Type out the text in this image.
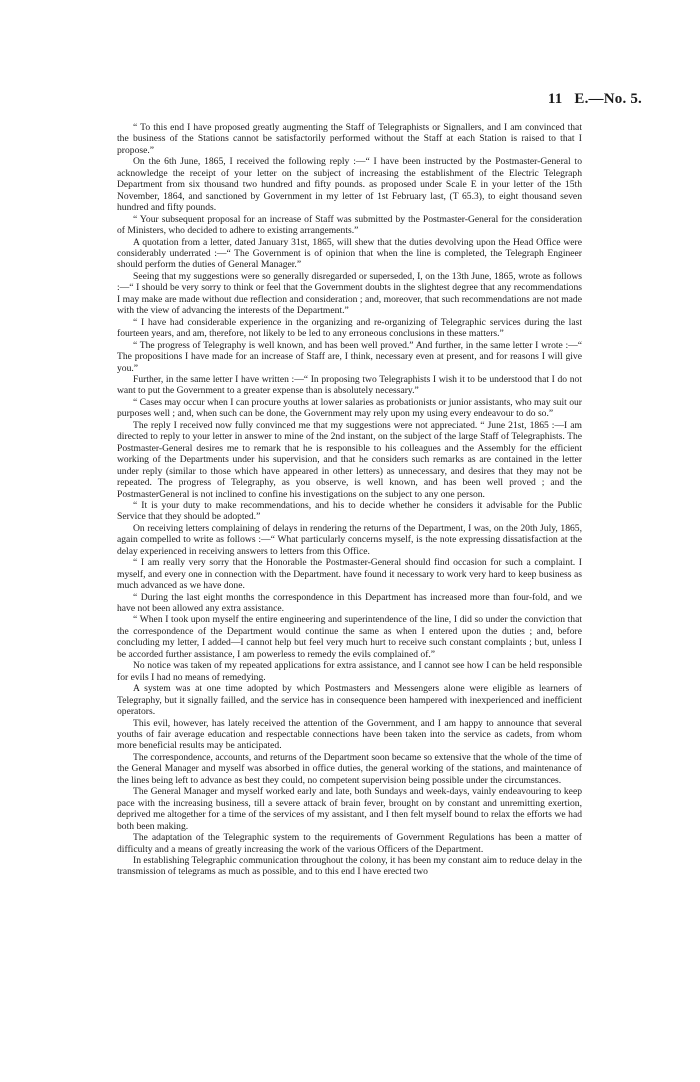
11 E.—No. 5.

“ To this end I have proposed greatly augmenting the Staff of Telegraphists or Signallers, and I am convinced that the business of the Stations cannot be satisfactorily performed without the Staff at each Station is raised to that I propose.”

On the 6th June, 1865, I received the following reply :—“ I have been instructed by the Postmaster-General to acknowledge the receipt of your letter on the subject of increasing the establishment of the Electric Telegraph Department from six thousand two hundred and fifty pounds. as proposed under Scale E in your letter of the 15th November, 1864, and sanctioned by Government in my letter of 1st February last, (T 65.3), to eight thousand seven hundred and fifty pounds.

“ Your subsequent proposal for an increase of Staff was submitted by the Postmaster-General for the consideration of Ministers, who decided to adhere to existing arrangements.”

A quotation from a letter, dated January 31st, 1865, will shew that the duties devolving upon the Head Office were considerably underrated :—“ The Government is of opinion that when the line is completed, the Telegraph Engineer should perform the duties of General Manager.”

Seeing that my suggestions were so generally disregarded or superseded, I, on the 13th June, 1865, wrote as follows :—“ I should be very sorry to think or feel that the Government doubts in the slightest degree that any recommendations I may make are made without due reflection and consideration ; and, moreover, that such recommendations are not made with the view of advancing the interests of the Department.”

“ I have had considerable experience in the organizing and re-organizing of Telegraphic services during the last fourteen years, and am, therefore, not likely to be led to any erroneous conclusions in these matters.”

“ The progress of Telegraphy is well known, and has been well proved.” And further, in the same letter I wrote :—“ The propositions I have made for an increase of Staff are, I think, necessary even at present, and for reasons I will give you.”

Further, in the same letter I have written :—“ In proposing two Telegraphists I wish it to be understood that I do not want to put the Government to a greater expense than is absolutely necessary.”

“ Cases may occur when I can procure youths at lower salaries as probationists or junior assistants, who may suit our purposes well ; and, when such can be done, the Government may rely upon my using every endeavour to do so.”

The reply I received now fully convinced me that my suggestions were not appreciated. “ June 21st, 1865 :—I am directed to reply to your letter in answer to mine of the 2nd instant, on the subject of the large Staff of Telegraphists. The Postmaster-General desires me to remark that he is responsible to his colleagues and the Assembly for the efficient working of the Departments under his supervision, and that he considers such remarks as are contained in the letter under reply (similar to those which have appeared in other letters) as unnecessary, and desires that they may not be repeated. The progress of Telegraphy, as you observe, is well known, and has been well proved ; and the PostmasterGeneral is not inclined to confine his investigations on the subject to any one person.

“ It is your duty to make recommendations, and his to decide whether he considers it advisable for the Public Service that they should be adopted.”

On receiving letters complaining of delays in rendering the returns of the Department, I was, on the 20th July, 1865, again compelled to write as follows :—“ What particularly concerns myself, is the note expressing dissatisfaction at the delay experienced in receiving answers to letters from this Office.

“ I am really very sorry that the Honorable the Postmaster-General should find occasion for such a complaint. I myself, and every one in connection with the Department. have found it necessary to work very hard to keep business as much advanced as we have done.

“ During the last eight months the correspondence in this Department has increased more than four-fold, and we have not been allowed any extra assistance.

“ When I took upon myself the entire engineering and superintendence of the line, I did so under the conviction that the correspondence of the Department would continue the same as when I entered upon the duties ; and, before concluding my letter, I added—I cannot help but feel very much hurt to receive such constant complaints ; but, unless I be accorded further assistance, I am powerless to remedy the evils complained of.”

No notice was taken of my repeated applications for extra assistance, and I cannot see how I can be held responsible for evils I had no means of remedying.

A system was at one time adopted by which Postmasters and Messengers alone were eligible as learners of Telegraphy, but it signally failled, and the service has in consequence been hampered with inexperienced and inefficient operators.

This evil, however, has lately received the attention of the Government, and I am happy to announce that several youths of fair average education and respectable connections have been taken into the service as cadets, from whom more beneficial results may be anticipated.

The correspondence, accounts, and returns of the Department soon became so extensive that the whole of the time of the General Manager and myself was absorbed in office duties, the general working of the stations, and maintenance of the lines being left to advance as best they could, no competent supervision being possible under the circumstances.

The General Manager and myself worked early and late, both Sundays and week-days, vainly endeavouring to keep pace with the increasing business, till a severe attack of brain fever, brought on by constant and unremitting exertion, deprived me altogether for a time of the services of my assistant, and I then felt myself bound to relax the efforts we had both been making.

The adaptation of the Telegraphic system to the requirements of Government Regulations has been a matter of difficulty and a means of greatly increasing the work of the various Officers of the Department.

In establishing Telegraphic communication throughout the colony, it has been my constant aim to reduce delay in the transmission of telegrams as much as possible, and to this end I have erected two
